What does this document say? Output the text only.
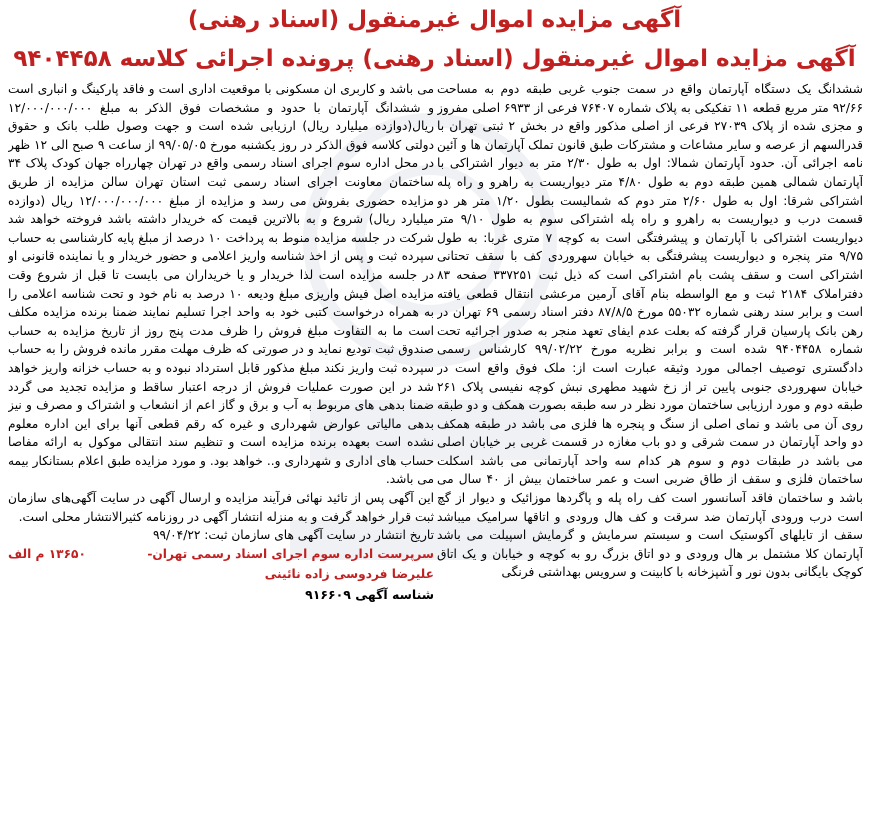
آگهی مزایده اموال غیرمنقول (اسناد رهنی)
آگهی مزایده اموال غیرمنقول (اسناد رهنی) پرونده اجرائی کلاسه ۹۴۰۴۴۵۸

ششدانگ یک دستگاه آپارتمان واقع در سمت جنوب غربی طبقه دوم به مساحت ۹۲/۶۶ متر مربع قطعه ۱۱ تفکیکی به پلاک شماره ۷۶۴۰۷ فرعی از ۶۹۳۳ اصلی مفروز و مجزی شده از پلاک ۲۷۰۳۹ فرعی از اصلی مذکور واقع در بخش ۲ ثبتی تهران با قدرالسهم از عرصه و سایر مشاعات و مشترکات طبق قانون تملک آپارتمان ها و آئین نامه اجرائی آن. حدود آپارتمان شمالا: اول به طول ۲/۳۰ متر به دیوار اشتراکی با آپارتمان شمالی همین طبقه دوم به طول ۴/۸۰ متر دیواریست به راهرو و راه پله اشتراکی شرقا: اول به طول ۲/۶۰ متر دوم که شمالیست بطول ۱/۲۰ متر هر دو قسمت درب و دیواریست به راهرو و راه پله اشتراکی سوم به طول ۹/۱۰ متر دیواریست اشتراکی با آپارتمان و پیشرفتگی است به کوچه ۷ متری غربا: به طول ۹/۷۵ متر پنجره و دیواریست پیشرفتگی به خیابان سهروردی کف با سقف تحتانی اشتراکی است و سقف پشت بام اشتراکی است که ذیل ثبت ۳۳۷۲۵۱ صفحه ۸۳ دفتراملاک ۲۱۸۴ ثبت و مع الواسطه بنام آقای آرمین مرعشی انتقال قطعی یافته است و برابر سند رهنی شماره ۵۵۰۳۲ مورخ ۸۷/۸/۵ دفتر اسناد رسمی ۶۹ تهران در رهن بانک پارسیان قرار گرفته که بعلت عدم ایفای تعهد منجر به صدور اجرائیه تحت شماره ۹۴۰۴۴۵۸ شده است و برابر نظریه مورخ ۹۹/۰۲/۲۲ کارشناس رسمی دادگستری توصیف اجمالی مورد وثیقه عبارت است از: ملک فوق واقع است در خیابان سهروردی جنوبی پایین تر از زخ شهید مطهری نبش کوچه نفیسی پلاک ۲۶۱ طبقه دوم و مورد ارزیابی ساختمان مورد نظر در سه طبقه بصورت همکف و دو طبقه روی آن می باشد و نمای اصلی از سنگ و پنجره ها فلزی می باشد در طبقه همکف دو واحد آپارتمان در سمت شرقی و دو باب مغازه در قسمت غربی بر خیابان اصلی می باشد در طبقات دوم و سوم هر کدام سه واحد آپارتمانی می باشد اسکلت ساختمان فلزی و سقف از طاق ضربی است و عمر ساختمان بیش از ۴۰ سال می باشد و ساختمان فاقد آسانسور است کف راه پله و پاگردها موزائیک و دیوار از گچ است درب ورودی آپارتمان ضد سرقت و کف هال ورودی و اتاقها سرامیک میباشد سقف از تایلهای آکوستیک است و سیستم سرمایش و گرمایش اسپیلت می باشد آپارتمان کلا مشتمل بر هال ورودی و دو اتاق بزرگ رو به کوچه و خیابان و یک اتاق کوچک بایگانی بدون نور و آشپزخانه با کابینت و سرویس بهداشتی فرنگی

می باشد و کاربری ان مسکونی با موقعیت اداری است و فاقد پارکینگ و انباری است و ششدانگ آپارتمان با حدود و مشخصات فوق الذکر به مبلغ ۱۲/۰۰۰/۰۰۰/۰۰۰ ریال(دوازده میلیارد ریال) ارزیابی شده است و جهت وصول طلب بانک و حقوق دولتی کلاسه فوق الذکر در روز یکشنبه مورخ ۹۹/۰۵/۰۵ از ساعت ۹ صبح الی ۱۲ ظهر در محل اداره سوم اجرای اسناد رسمی واقع در تهران چهارراه جهان کودک پلاک ۳۴ ساختمان معاونت اجرای اسناد رسمی ثبت استان تهران سالن مزایده از طریق مزایده حضوری بفروش می رسد و مزایده از مبلغ ۱۲/۰۰۰/۰۰۰/۰۰۰ ریال (دوازده میلیارد ریال) شروع و به بالاترین قیمت که خریدار داشته باشد فروخته خواهد شد شرکت در جلسه مزایده منوط به پرداخت ۱۰ درصد از مبلغ پایه کارشناسی به حساب سپرده ثبت و پس از اخذ شناسه واریز اعلامی و حضور خریدار و یا نماینده قانونی او در جلسه مزایده است لذا خریدار و یا خریداران می بایست تا قبل از شروع وقت مزایده اصل فیش واریزی مبلغ ودیعه ۱۰ درصد به نام خود و تحت شناسه اعلامی را به همراه درخواست کتبی خود به واحد اجرا تسلیم نمایند ضمنا برنده مزایده مکلف است ما به التفاوت مبلغ فروش را ظرف مدت پنج روز از تاریخ مزایده به حساب صندوق ثبت تودیع نماید و در صورتی که ظرف مهلت مقرر مانده فروش را به حساب سپرده ثبت واریز نکند مبلغ مذکور قابل استرداد نبوده و به حساب خزانه واریز خواهد شد در این صورت عملیات فروش از درجه اعتبار ساقط و مزایده تجدید می گردد ضمنا بدهی های مربوط به آب و برق و گاز اعم از انشعاب و اشتراک و مصرف و نیز بدهی مالیاتی عوارض شهرداری و غیره که رقم قطعی آنها برای این اداره معلوم نشده است بعهده برنده مزایده است و تنظیم سند انتقالی موکول به ارائه مفاصا حساب های اداری و شهرداری و.. خواهد بود. و مورد مزایده طبق اعلام بستانکار بیمه می باشد.

این آگهی پس از تائید نهائی فرآیند مزایده و ارسال آگهی در سایت آگهی‌های سازمان ثبت قرار خواهد گرفت و به منزله انتشار آگهی در روزنامه کثیرالانتشار محلی است.

تاریخ انتشار در سایت آگهی های سازمان ثبت: ۹۹/۰۴/۲۲

سرپرست اداره سوم اجرای اسناد رسمی تهران-
۱۳۶۵۰ م الف
علیرضا فردوسی زاده نائینی
شناسه آگهی ۹۱۶۶۰۹
